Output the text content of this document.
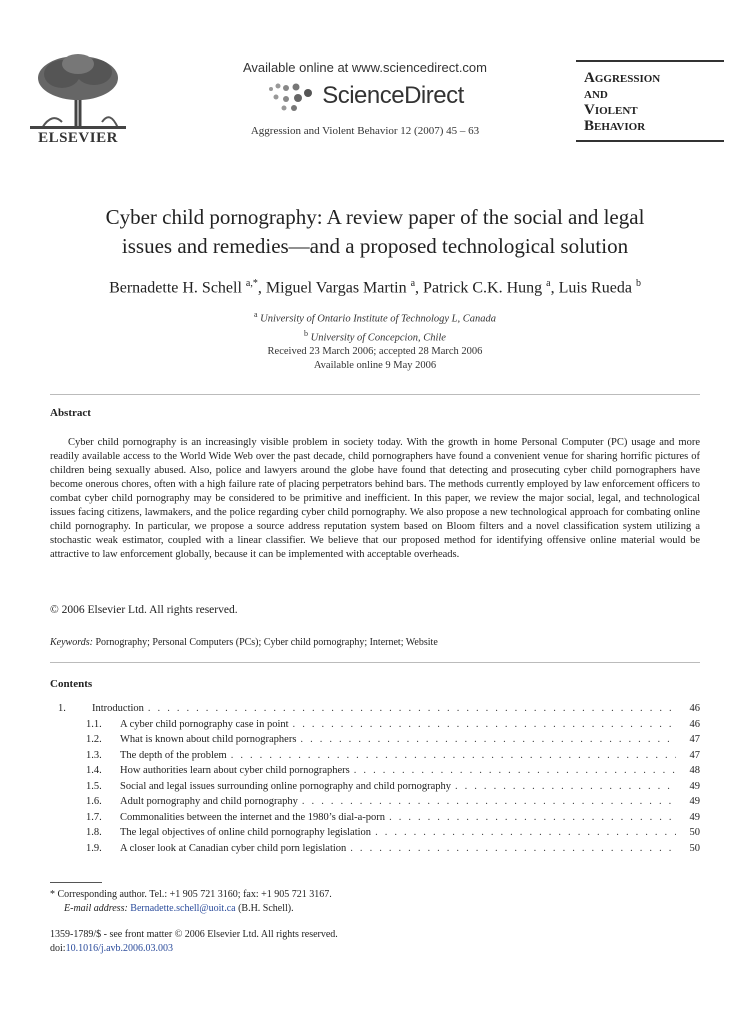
ELSEVIER
Available online at www.sciencedirect.com
ScienceDirect
Aggression and Violent Behavior 12 (2007) 45 – 63
Aggression
and
Violent
Behavior
Cyber child pornography: A review paper of the social and legal
issues and remedies—and a proposed technological solution
Bernadette H. Schell $^{a,*}$, Miguel Vargas Martin $^a$, Patrick C.K. Hung $^a$, Luis Rueda $^b$
$^a$ University of Ontario Institute of Technology L, Canada
$^b$ University of Concepcion, Chile
Received 23 March 2006; accepted 28 March 2006
Available online 9 May 2006
Abstract

Cyber child pornography is an increasingly visible problem in society today. With the growth in home Personal Computer (PC) usage and more readily available access to the World Wide Web over the past decade, child pornographers have found a convenient venue for sharing horrific pictures of children being sexually abused. Also, police and lawyers around the globe have found that detecting and prosecuting cyber child pornographers have become onerous chores, often with a high failure rate of placing perpetrators behind bars. The methods currently employed by law enforcement officers to combat cyber child pornography may be considered to be primitive and inefficient. In this paper, we review the major social, legal, and technological issues facing citizens, lawmakers, and the police regarding cyber child pornography. We also propose a new technological approach for combating online child pornography. In particular, we propose a source address reputation system based on Bloom filters and a novel classification system utilizing a stochastic weak estimator, coupled with a linear classifier. We believe that our proposed method for identifying offensive online material would be attractive to law enforcement globally, because it can be implemented with acceptable overheads.

© 2006 Elsevier Ltd. All rights reserved.
Keywords: Pornography; Personal Computers (PCs); Cyber child pornography; Internet; Website
Contents
1.	Introduction . . .	46
1.1.	A cyber child pornography case in point . . .	46
1.2.	What is known about child pornographers . . .	47
1.3.	The depth of the problem . . .	47
1.4.	How authorities learn about cyber child pornographers . . .	48
1.5.	Social and legal issues surrounding online pornography and child pornography . . .	49
1.6.	Adult pornography and child pornography . . .	49
1.7.	Commonalities between the internet and the 1980’s dial-a-porn . . .	49
1.8.	The legal objectives of online child pornography legislation . . .	50
1.9.	A closer look at Canadian cyber child porn legislation . . .	50
* Corresponding author. Tel.: +1 905 721 3160; fax: +1 905 721 3167.
E-mail address: Bernadette.schell@uoit.ca (B.H. Schell).
1359-1789/$ - see front matter © 2006 Elsevier Ltd. All rights reserved.
doi:10.1016/j.avb.2006.03.003
